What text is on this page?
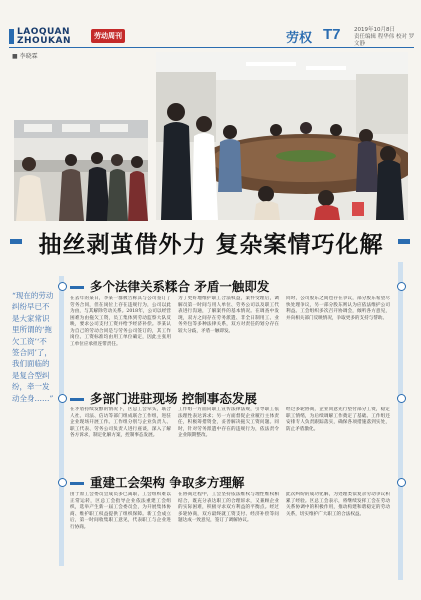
LAOQUAN
ZHOUKAN	劳动周刊	劳权 T7 2019年10月8日
责任编辑 程华伟 校对 罗文静
■ 李晓霖
抽丝剥茧借外力 复杂案情巧化解
“现在的劳动纠纷早已不是大家常识里所谓的‘拖欠工资’‘不签合同’了，我们面临的是复合型纠纷，牵一发动全身……”
多个法律关系糅合 矛盾一触即发
在去年的某日，李某一群被告称其与公司签订了劳务合同，但在岗位上存在违规行为，公司以此为由，与其解除劳动关系。2018年，公司以经营困难为由拖欠工资，员工集体到劳动监察大队反映，要求公司支付工资并给予经济补偿。李某认为自己的劳动合同是与劳务公司签订的，其工作岗位、工资标准均由用工单位确定，因此主张用工单位应承担连带责任。
为了更好地维护职工合法权益，案件受理后，调解员第一时间与用人单位、劳务公司以及职工代表进行沟通，了解案件的基本情况。在调查中发现，双方之间存在劳务派遣、非全日制用工、业务外包等多种法律关系，双方对责任的划分存在较大分歧，矛盾一触即发。
同时，公司股东之间也存在争议，部分股东希望尽快处理争议，另一部分股东则认为应依法维护公司利益。工会组织多次召开协调会，倾听各方意见，并向相关部门反映情况，争取更多的支持与帮助。
多部门进驻现场 控制事态发展
在矛盾持续发酵的情况下，区总工会牵头，联合人社、司法、信访等部门组成联合工作组，进驻企业现场开展工作。工作组分别与企业负责人、职工代表、劳务公司负责人进行座谈，深入了解各方诉求，制定化解方案，控制事态发展。
工作组一方面向职工宣传法律法规，引导职工依法理性表达诉求；另一方面督促企业履行主体责任，积极筹措资金，妥善解决拖欠工资问题。同时，针对劳务派遣中存在的违规行为，依法责令企业限期整改。
经过多轮协商，企业同意先行垫付部分工资，稳定职工情绪，为后续调解工作奠定了基础。工作组还安排专人负责跟踪落实，确保各项措施落到实处，防止矛盾激化。
重建工会架构 争取多方理解
由于原工会委员会成员多已离职，工会组织难以正常运转，区总工会指导企业依法重建工会组织，选举产生新一届工会委员会，为开展集体协商、维护职工权益提供了组织保障。新工会成立后，第一时间收集职工意见，代表职工与企业进行协商。
在协商过程中，工会坚持依法维权与理性维权相结合，既充分表达职工的合理诉求，又兼顾企业的实际困难，积极寻求双方利益的平衡点。经过多轮协商，双方最终就工资支付、经济补偿等问题达成一致意见，签订了调解协议。
此次纠纷的成功化解，为处理类似复杂劳动争议积累了经验。区总工会表示，将继续发挥工会在劳动关系协调中的积极作用，推动构建和谐稳定的劳动关系，切实维护广大职工的合法权益。
